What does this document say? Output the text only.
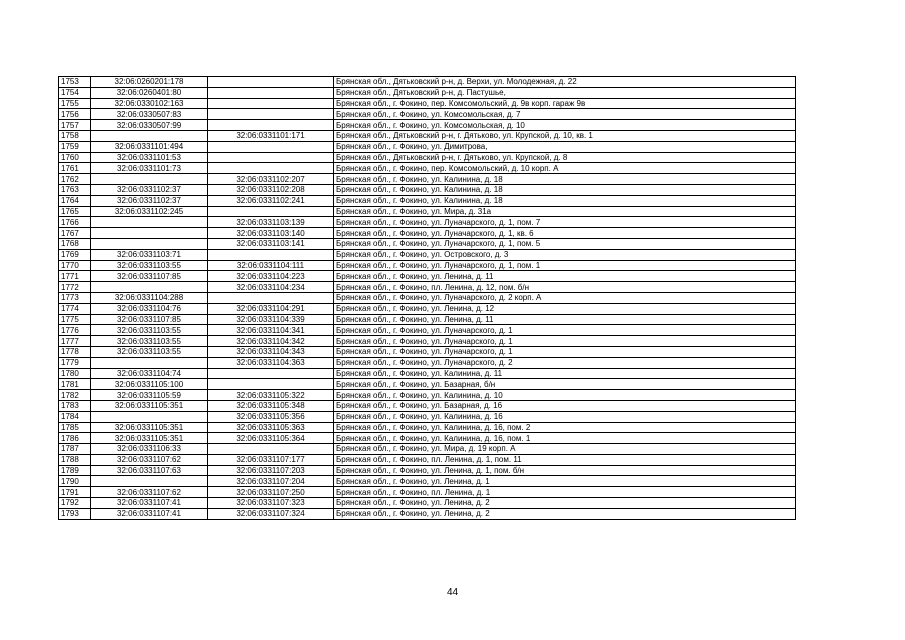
1753	32:06:0260201:178		Брянская обл., Дятьковский р-н, д. Верхи, ул. Молодежная, д. 22
1754	32:06:0260401:80		Брянская обл., Дятьковский р-н, д. Пастушье,
1755	32:06:0330102:163		Брянская обл., г. Фокино, пер. Комсомольский, д. 9в корп. гараж 9в
1756	32:06:0330507:83		Брянская обл., г. Фокино, ул. Комсомольская, д. 7
1757	32:06:0330507:99		Брянская обл., г. Фокино, ул. Комсомольская, д. 10
1758		32:06:0331101:171	Брянская обл., Дятьковский р-н, г. Дятьково, ул. Крупской, д. 10, кв. 1
1759	32:06:0331101:494		Брянская обл., г. Фокино, ул. Димитрова,
1760	32:06:0331101:53		Брянская обл., Дятьковский р-н, г. Дятьково, ул. Крупской, д. 8
1761	32:06:0331101:73		Брянская обл., г. Фокино, пер. Комсомольский, д. 10 корп. А
1762		32:06:0331102:207	Брянская обл., г. Фокино, ул. Калинина, д. 18
1763	32:06:0331102:37	32:06:0331102:208	Брянская обл., г. Фокино, ул. Калинина, д. 18
1764	32:06:0331102:37	32:06:0331102:241	Брянская обл., г. Фокино, ул. Калинина, д. 18
1765	32:06:0331102:245		Брянская обл., г. Фокино, ул. Мира, д. 31а
1766		32:06:0331103:139	Брянская обл., г. Фокино, ул. Луначарского, д. 1, пом. 7
1767		32:06:0331103:140	Брянская обл., г. Фокино, ул. Луначарского, д. 1, кв. 6
1768		32:06:0331103:141	Брянская обл., г. Фокино, ул. Луначарского, д. 1, пом. 5
1769	32:06:0331103:71		Брянская обл., г. Фокино, ул. Островского, д. 3
1770	32:06:0331103:55	32:06:0331104:111	Брянская обл., г. Фокино, ул. Луначарского, д. 1, пом. 1
1771	32:06:0331107:85	32:06:0331104:223	Брянская обл., г. Фокино, ул. Ленина, д. 11
1772		32:06:0331104:234	Брянская обл., г. Фокино, пл. Ленина, д. 12, пом. б/н
1773	32:06:0331104:288		Брянская обл., г. Фокино, ул. Луначарского, д. 2 корп. А
1774	32:06:0331104:76	32:06:0331104:291	Брянская обл., г. Фокино, ул. Ленина, д. 12
1775	32:06:0331107:85	32:06:0331104:339	Брянская обл., г. Фокино, ул. Ленина, д. 11
1776	32:06:0331103:55	32:06:0331104:341	Брянская обл., г. Фокино, ул. Луначарского, д. 1
1777	32:06:0331103:55	32:06:0331104:342	Брянская обл., г. Фокино, ул. Луначарского, д. 1
1778	32:06:0331103:55	32:06:0331104:343	Брянская обл., г. Фокино, ул. Луначарского, д. 1
1779		32:06:0331104:363	Брянская обл., г. Фокино, ул. Луначарского, д. 2
1780	32:06:0331104:74		Брянская обл., г. Фокино, ул. Калинина, д. 11
1781	32:06:0331105:100		Брянская обл., г. Фокино, ул. Базарная, б/н
1782	32:06:0331105:59	32:06:0331105:322	Брянская обл., г. Фокино, ул. Калинина, д. 10
1783	32:06:0331105:351	32:06:0331105:348	Брянская обл., г. Фокино, ул. Базарная, д. 16
1784		32:06:0331105:356	Брянская обл., г. Фокино, ул. Калинина, д. 16
1785	32:06:0331105:351	32:06:0331105:363	Брянская обл., г. Фокино, ул. Калинина, д. 16, пом. 2
1786	32:06:0331105:351	32:06:0331105:364	Брянская обл., г. Фокино, ул. Калинина, д. 16, пом. 1
1787	32:06:0331106:33		Брянская обл., г. Фокино, ул. Мира, д. 19 корп. А
1788	32:06:0331107:62	32:06:0331107:177	Брянская обл., г. Фокино, пл. Ленина, д. 1, пом. 11
1789	32:06:0331107:63	32:06:0331107:203	Брянская обл., г. Фокино, ул. Ленина, д. 1, пом. б/н
1790		32:06:0331107:204	Брянская обл., г. Фокино, ул. Ленина, д. 1
1791	32:06:0331107:62	32:06:0331107:250	Брянская обл., г. Фокино, пл. Ленина, д. 1
1792	32:06:0331107:41	32:06:0331107:323	Брянская обл., г. Фокино, ул. Ленина, д. 2
1793	32:06:0331107:41	32:06:0331107:324	Брянская обл., г. Фокино, ул. Ленина, д. 2
44
